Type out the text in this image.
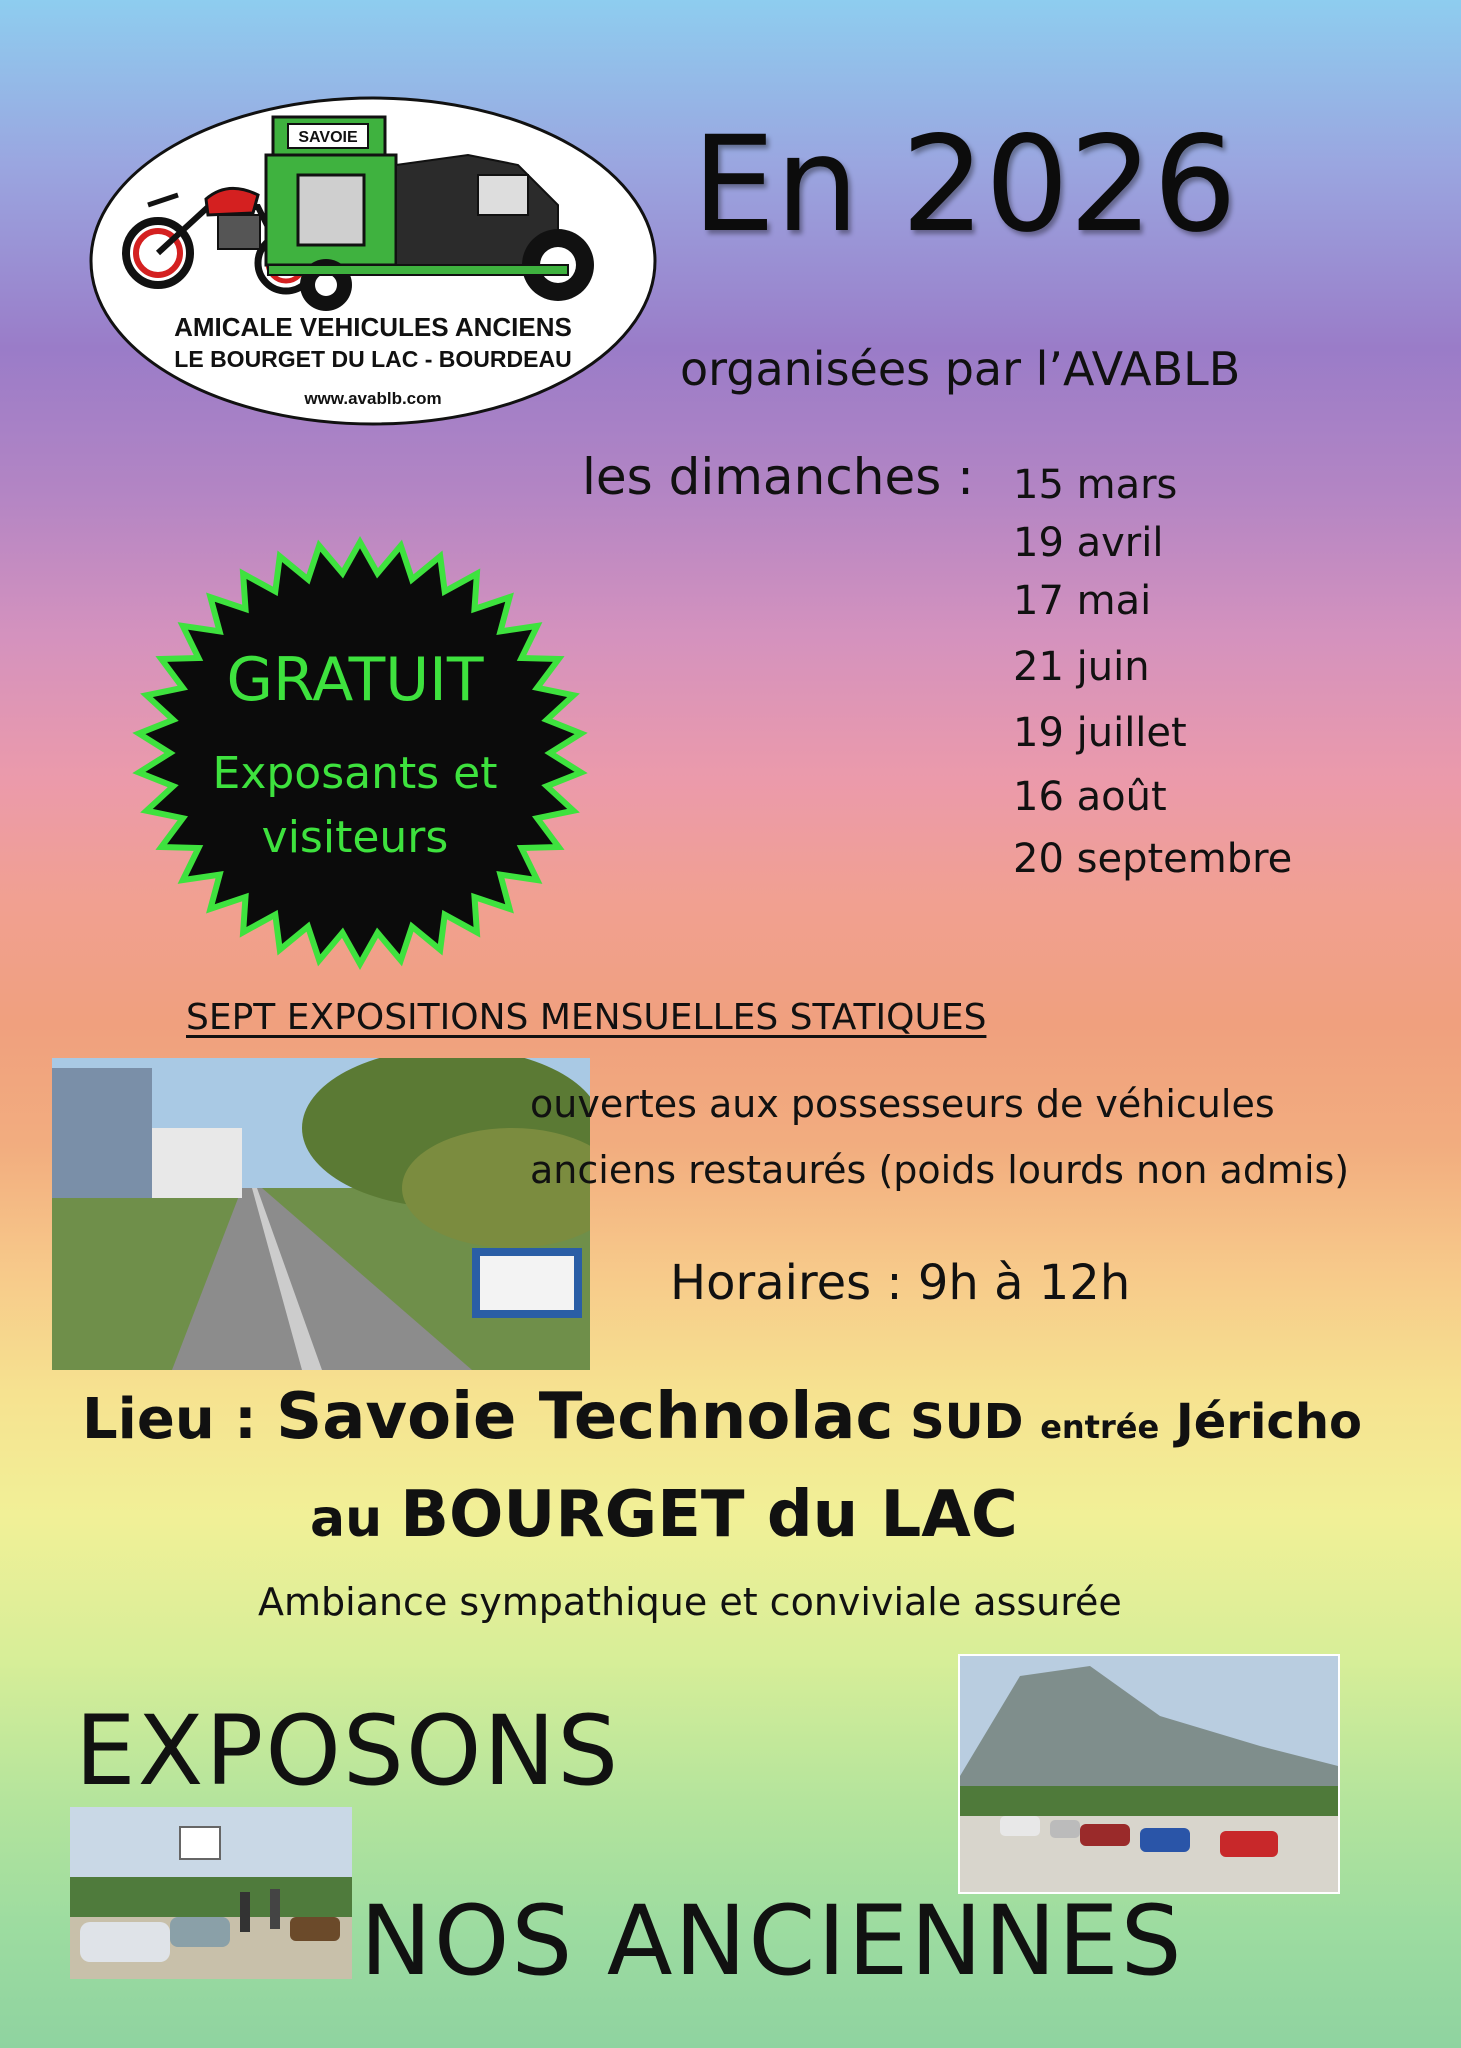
SAVOIE
AMICALE VEHICULES ANCIENS
LE BOURGET DU LAC - BOURDEAU
www.avablb.com
En 2026
organisées par l’AVABLB
les dimanches : 15 mars
19 avril
17 mai
21 juin
19 juillet
16 août
20 septembre
GRATUIT
Exposants et
visiteurs
SEPT EXPOSITIONS MENSUELLES STATIQUES
ouvertes aux possesseurs de véhicules
anciens restaurés (poids lourds non admis)
Horaires : 9h à 12h
Lieu : Savoie Technolac SUD entrée Jéricho
au BOURGET du LAC
Ambiance sympathique et conviviale assurée
EXPOSONS
NOS ANCIENNES
